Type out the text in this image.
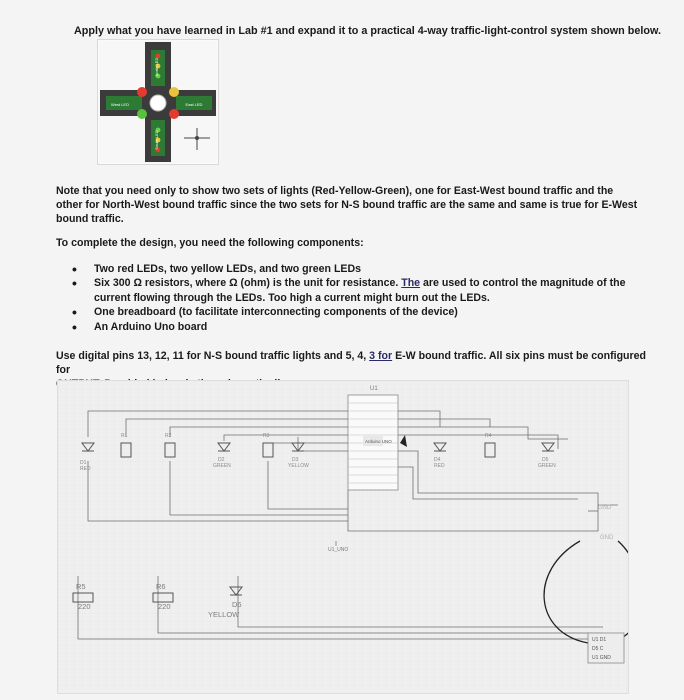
Apply what you have learned in Lab #1 and expand it to a practical 4-way traffic-light-control system shown below.
North LED
West LED	East LED
South LED

Note that you need only to show two sets of lights (Red-Yellow-Green), one for East-West bound traffic and the

other for North-West bound traffic since the two sets for N-S bound traffic are the same and same is true for E-West

bound traffic.

To complete the design, you need the following components:
•	Two red LEDs, two yellow LEDs, and two green LEDs
•	Six 300 Ω resistors, where Ω (ohm) is the unit for resistance. The are used to control the magnitude of the
current flowing through the LEDs. Too high a current might burn out the LEDs.
•	One breadboard (to facilitate interconnecting components of the device)
•	An Arduino Uno board
Use digital pins 13, 12, 11 for N-S bound traffic lights and 5, 4, 3 for E-W bound traffic. All six pins must be configured for

U1
Arduino UNO
D1
RED
R1	R2
D2
GREEN
R3
D3
YELLOW
D4
RED
R4
D5
GREEN
U1_UNO
R5
220
R6
220	D6
YELLOW
GND
GND
U1 D1
D5 C
U1 GND
